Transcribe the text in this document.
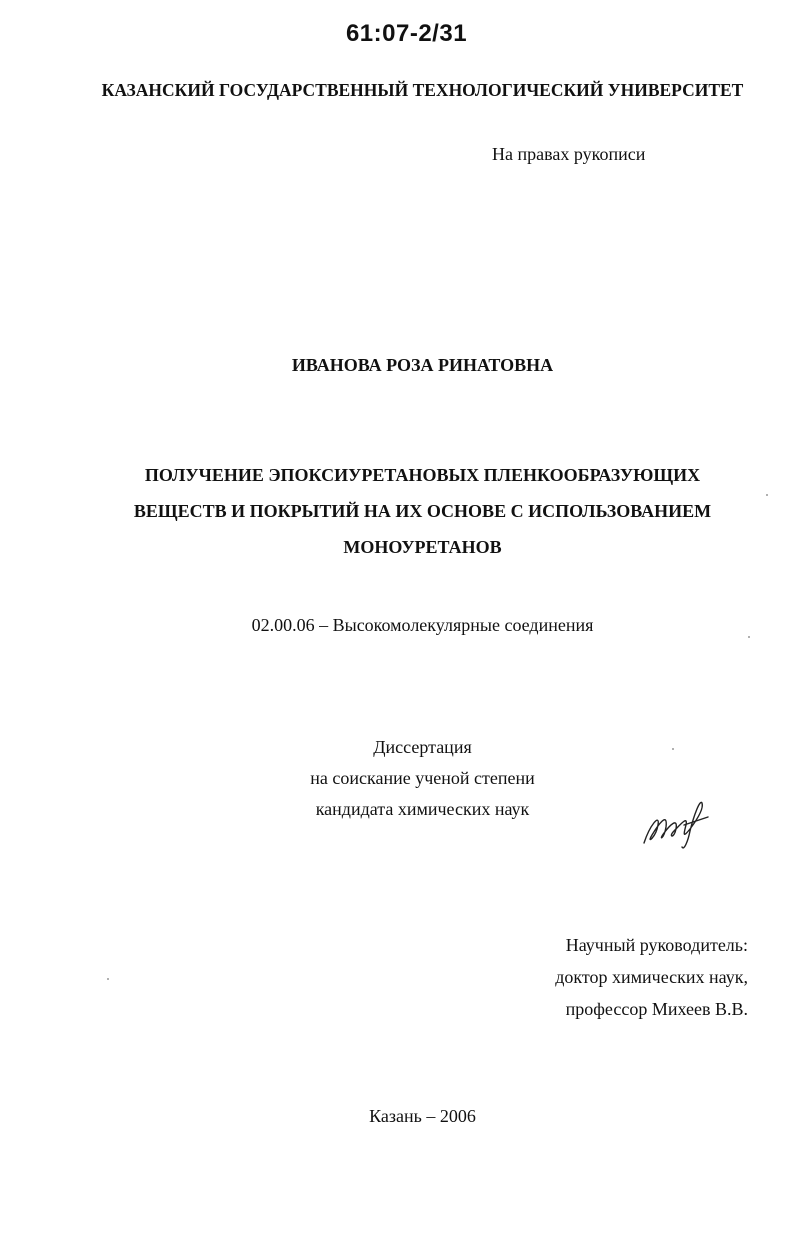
61:07-2/31
КАЗАНСКИЙ ГОСУДАРСТВЕННЫЙ ТЕХНОЛОГИЧЕСКИЙ УНИВЕРСИТЕТ
На правах рукописи
ИВАНОВА РОЗА РИНАТОВНА
ПОЛУЧЕНИЕ ЭПОКСИУРЕТАНОВЫХ ПЛЕНКООБРАЗУЮЩИХ
ВЕЩЕСТВ И ПОКРЫТИЙ НА ИХ ОСНОВЕ С ИСПОЛЬЗОВАНИЕМ
МОНОУРЕТАНОВ
02.00.06 – Высокомолекулярные соединения
Диссертация
на соискание ученой степени
кандидата химических наук
Научный руководитель:
доктор химических наук,
профессор Михеев В.В.
Казань – 2006
